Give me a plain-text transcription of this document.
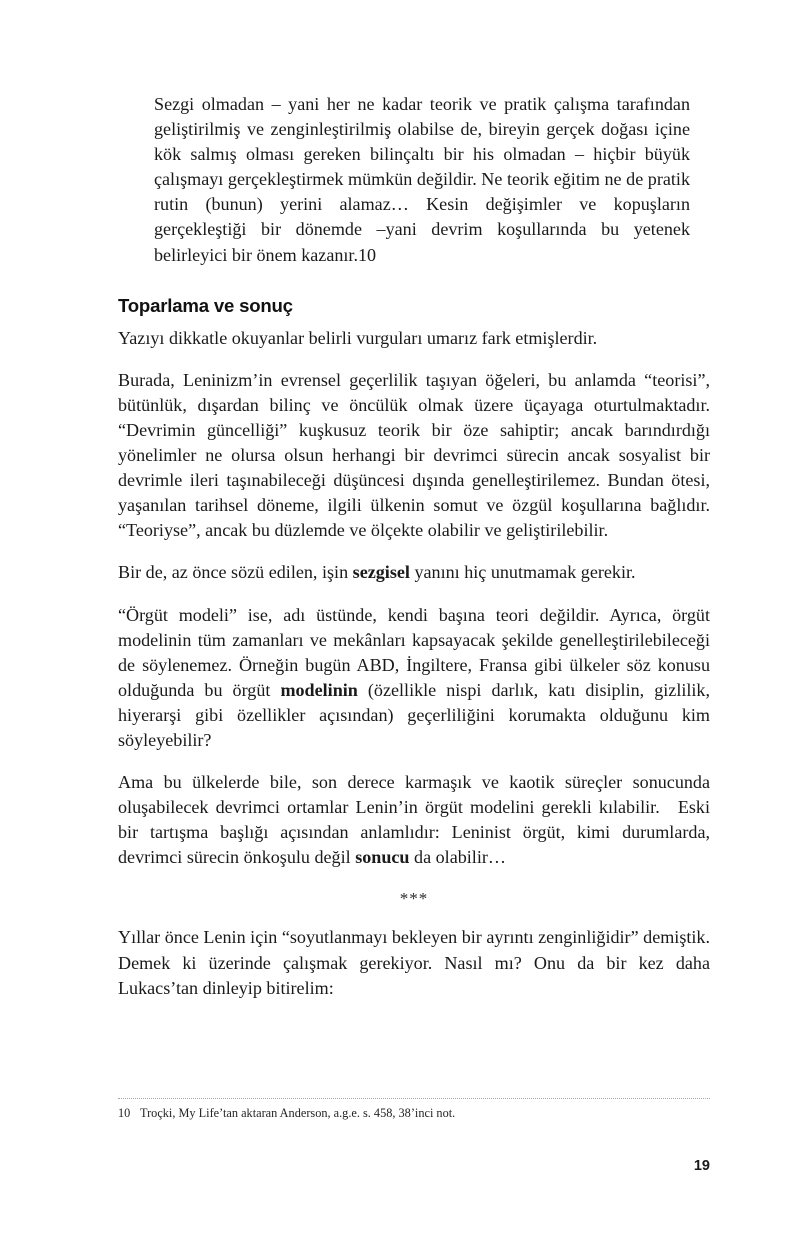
Sezgi olmadan – yani her ne kadar teorik ve pratik çalışma tarafından geliştirilmiş ve zenginleştirilmiş olabilse de, bireyin gerçek doğası içine kök salmış olması gereken bilinçaltı bir his olmadan – hiçbir büyük çalışmayı gerçekleştirmek mümkün değildir. Ne teorik eğitim ne de pratik rutin (bunun) yerini alamaz… Kesin değişimler ve kopuşların gerçekleştiği bir dönemde –yani devrim koşullarında bu yetenek belirleyici bir önem kazanır.10
Toparlama ve sonuç

Yazıyı dikkatle okuyanlar belirli vurguları umarız fark etmişlerdir.

Burada, Leninizm’in evrensel geçerlilik taşıyan öğeleri, bu anlamda “teorisi”, bütünlük, dışardan bilinç ve öncülük olmak üzere üçayaga oturtulmaktadır. “Devrimin güncelliği” kuşkusuz teorik bir öze sahiptir; ancak barındırdığı yönelimler ne olursa olsun herhangi bir devrimci sürecin ancak sosyalist bir devrimle ileri taşınabileceği düşüncesi dışında genelleştirilemez. Bundan ötesi, yaşanılan tarihsel döneme, ilgili ülkenin somut ve özgül koşullarına bağlıdır. “Teoriyse”, ancak bu düzlemde ve ölçekte olabilir ve geliştirilebilir.

Bir de, az önce sözü edilen, işin sezgisel yanını hiç unutmamak gerekir.

“Örgüt modeli” ise, adı üstünde, kendi başına teori değildir. Ayrıca, örgüt modelinin tüm zamanları ve mekânları kapsayacak şekilde genelleştirilebileceği de söylenemez. Örneğin bugün ABD, İngiltere, Fransa gibi ülkeler söz konusu olduğunda bu örgüt modelinin (özellikle nispi darlık, katı disiplin, gizlilik, hiyerarşi gibi özellikler açısından) geçerliliğini korumakta olduğunu kim söyleyebilir?

Ama bu ülkelerde bile, son derece karmaşık ve kaotik süreçler sonucunda oluşabilecek devrimci ortamlar Lenin’in örgüt modelini gerekli kılabilir. Eski bir tartışma başlığı açısından anlamlıdır: Leninist örgüt, kimi durumlarda, devrimci sürecin önkoşulu değil sonucu da olabilir…

***

Yıllar önce Lenin için “soyutlanmayı bekleyen bir ayrıntı zenginliğidir” demiştik. Demek ki üzerinde çalışmak gerekiyor. Nasıl mı? Onu da bir kez daha Lukacs’tan dinleyip bitirelim:

10 Troçki, My Life’tan aktaran Anderson, a.g.e. s. 458, 38’inci not.
19
